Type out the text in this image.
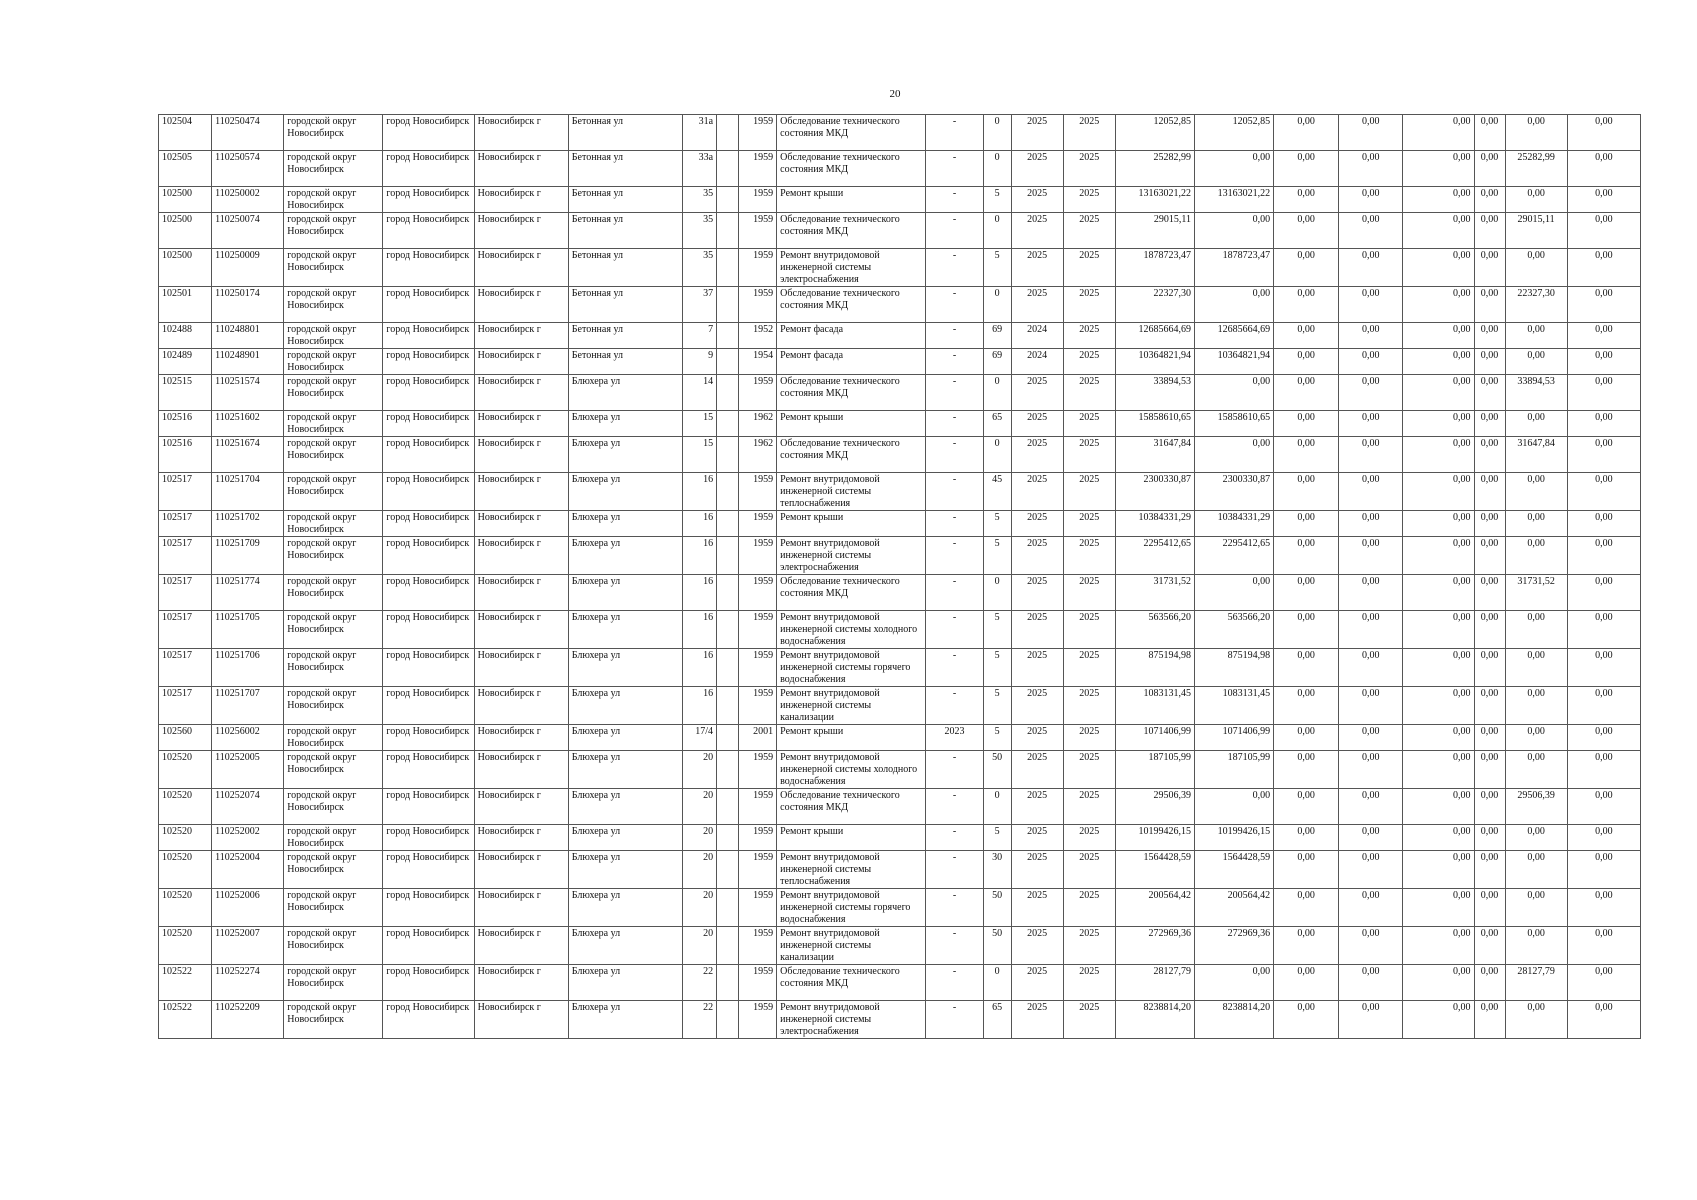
20
102504	110250474	городской округ Новосибирск	город Новосибирск	Новосибирск г	Бетонная ул	31а		1959	Обследование технического состояния МКД	-	0	2025	2025	12052,85	12052,85	0,00	0,00	0,00	0,00	0,00	0,00
102505	110250574	городской округ Новосибирск	город Новосибирск	Новосибирск г	Бетонная ул	33а		1959	Обследование технического состояния МКД	-	0	2025	2025	25282,99	0,00	0,00	0,00	0,00	0,00	25282,99	0,00
102500	110250002	городской округ Новосибирск	город Новосибирск	Новосибирск г	Бетонная ул	35		1959	Ремонт крыши	-	5	2025	2025	13163021,22	13163021,22	0,00	0,00	0,00	0,00	0,00	0,00
102500	110250074	городской округ Новосибирск	город Новосибирск	Новосибирск г	Бетонная ул	35		1959	Обследование технического состояния МКД	-	0	2025	2025	29015,11	0,00	0,00	0,00	0,00	0,00	29015,11	0,00
102500	110250009	городской округ Новосибирск	город Новосибирск	Новосибирск г	Бетонная ул	35		1959	Ремонт внутридомовой инженерной системы электроснабжения	-	5	2025	2025	1878723,47	1878723,47	0,00	0,00	0,00	0,00	0,00	0,00
102501	110250174	городской округ Новосибирск	город Новосибирск	Новосибирск г	Бетонная ул	37		1959	Обследование технического состояния МКД	-	0	2025	2025	22327,30	0,00	0,00	0,00	0,00	0,00	22327,30	0,00
102488	110248801	городской округ Новосибирск	город Новосибирск	Новосибирск г	Бетонная ул	7		1952	Ремонт фасада	-	69	2024	2025	12685664,69	12685664,69	0,00	0,00	0,00	0,00	0,00	0,00
102489	110248901	городской округ Новосибирск	город Новосибирск	Новосибирск г	Бетонная ул	9		1954	Ремонт фасада	-	69	2024	2025	10364821,94	10364821,94	0,00	0,00	0,00	0,00	0,00	0,00
102515	110251574	городской округ Новосибирск	город Новосибирск	Новосибирск г	Блюхера ул	14		1959	Обследование технического состояния МКД	-	0	2025	2025	33894,53	0,00	0,00	0,00	0,00	0,00	33894,53	0,00
102516	110251602	городской округ Новосибирск	город Новосибирск	Новосибирск г	Блюхера ул	15		1962	Ремонт крыши	-	65	2025	2025	15858610,65	15858610,65	0,00	0,00	0,00	0,00	0,00	0,00
102516	110251674	городской округ Новосибирск	город Новосибирск	Новосибирск г	Блюхера ул	15		1962	Обследование технического состояния МКД	-	0	2025	2025	31647,84	0,00	0,00	0,00	0,00	0,00	31647,84	0,00
102517	110251704	городской округ Новосибирск	город Новосибирск	Новосибирск г	Блюхера ул	16		1959	Ремонт внутридомовой инженерной системы теплоснабжения	-	45	2025	2025	2300330,87	2300330,87	0,00	0,00	0,00	0,00	0,00	0,00
102517	110251702	городской округ Новосибирск	город Новосибирск	Новосибирск г	Блюхера ул	16		1959	Ремонт крыши	-	5	2025	2025	10384331,29	10384331,29	0,00	0,00	0,00	0,00	0,00	0,00
102517	110251709	городской округ Новосибирск	город Новосибирск	Новосибирск г	Блюхера ул	16		1959	Ремонт внутридомовой инженерной системы электроснабжения	-	5	2025	2025	2295412,65	2295412,65	0,00	0,00	0,00	0,00	0,00	0,00
102517	110251774	городской округ Новосибирск	город Новосибирск	Новосибирск г	Блюхера ул	16		1959	Обследование технического состояния МКД	-	0	2025	2025	31731,52	0,00	0,00	0,00	0,00	0,00	31731,52	0,00
102517	110251705	городской округ Новосибирск	город Новосибирск	Новосибирск г	Блюхера ул	16		1959	Ремонт внутридомовой инженерной системы холодного водоснабжения	-	5	2025	2025	563566,20	563566,20	0,00	0,00	0,00	0,00	0,00	0,00
102517	110251706	городской округ Новосибирск	город Новосибирск	Новосибирск г	Блюхера ул	16		1959	Ремонт внутридомовой инженерной системы горячего водоснабжения	-	5	2025	2025	875194,98	875194,98	0,00	0,00	0,00	0,00	0,00	0,00
102517	110251707	городской округ Новосибирск	город Новосибирск	Новосибирск г	Блюхера ул	16		1959	Ремонт внутридомовой инженерной системы канализации	-	5	2025	2025	1083131,45	1083131,45	0,00	0,00	0,00	0,00	0,00	0,00
102560	110256002	городской округ Новосибирск	город Новосибирск	Новосибирск г	Блюхера ул	17/4		2001	Ремонт крыши	2023	5	2025	2025	1071406,99	1071406,99	0,00	0,00	0,00	0,00	0,00	0,00
102520	110252005	городской округ Новосибирск	город Новосибирск	Новосибирск г	Блюхера ул	20		1959	Ремонт внутридомовой инженерной системы холодного водоснабжения	-	50	2025	2025	187105,99	187105,99	0,00	0,00	0,00	0,00	0,00	0,00
102520	110252074	городской округ Новосибирск	город Новосибирск	Новосибирск г	Блюхера ул	20		1959	Обследование технического состояния МКД	-	0	2025	2025	29506,39	0,00	0,00	0,00	0,00	0,00	29506,39	0,00
102520	110252002	городской округ Новосибирск	город Новосибирск	Новосибирск г	Блюхера ул	20		1959	Ремонт крыши	-	5	2025	2025	10199426,15	10199426,15	0,00	0,00	0,00	0,00	0,00	0,00
102520	110252004	городской округ Новосибирск	город Новосибирск	Новосибирск г	Блюхера ул	20		1959	Ремонт внутридомовой инженерной системы теплоснабжения	-	30	2025	2025	1564428,59	1564428,59	0,00	0,00	0,00	0,00	0,00	0,00
102520	110252006	городской округ Новосибирск	город Новосибирск	Новосибирск г	Блюхера ул	20		1959	Ремонт внутридомовой инженерной системы горячего водоснабжения	-	50	2025	2025	200564,42	200564,42	0,00	0,00	0,00	0,00	0,00	0,00
102520	110252007	городской округ Новосибирск	город Новосибирск	Новосибирск г	Блюхера ул	20		1959	Ремонт внутридомовой инженерной системы канализации	-	50	2025	2025	272969,36	272969,36	0,00	0,00	0,00	0,00	0,00	0,00
102522	110252274	городской округ Новосибирск	город Новосибирск	Новосибирск г	Блюхера ул	22		1959	Обследование технического состояния МКД	-	0	2025	2025	28127,79	0,00	0,00	0,00	0,00	0,00	28127,79	0,00
102522	110252209	городской округ Новосибирск	город Новосибирск	Новосибирск г	Блюхера ул	22		1959	Ремонт внутридомовой инженерной системы электроснабжения	-	65	2025	2025	8238814,20	8238814,20	0,00	0,00	0,00	0,00	0,00	0,00
